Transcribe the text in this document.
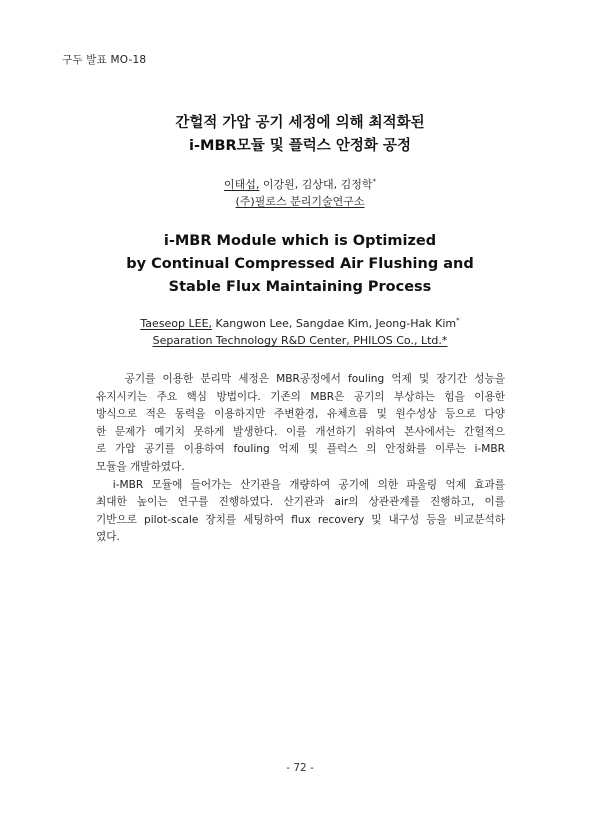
구두 발표 MO-18
간헐적 가압 공기 세정에 의해 최적화된
i-MBR모듈 및 플럭스 안정화 공정
이태섭, 이강원, 김상대, 김정학*
(주)필로스 분리기술연구소
i-MBR Module which is Optimized
by Continual Compressed Air Flushing and
Stable Flux Maintaining Process
Taeseop LEE, Kangwon Lee, Sangdae Kim, Jeong-Hak Kim*
Separation Technology R&D Center, PHILOS Co., Ltd.*
공기를 이용한 분리막 세정은 MBR공정에서 fouling 억제 및 장기간 성능을
유지시키는 주요 핵심 방법이다. 기존의 MBR은 공기의 부상하는 힘을 이용한
방식으로 적은 동력을 이용하지만 주변환경, 유체흐름 및 원수성상 등으로 다양
한 문제가 예기치 못하게 발생한다. 이를 개선하기 위하여 본사에서는 간헐적으
로 가압 공기를 이용하여 fouling 억제 및 플럭스 의 안정화를 이루는 i-MBR
모듈을 개발하였다.
i-MBR 모듈에 들어가는 산기관을 개량하여 공기에 의한 파울링 억제 효과를
최대한 높이는 연구를 진행하였다. 산기관과 air의 상관관계를 진행하고, 이를
기반으로 pilot-scale 장치를 세팅하여 flux recovery 및 내구성 등을 비교분석하
였다.
- 72 -
